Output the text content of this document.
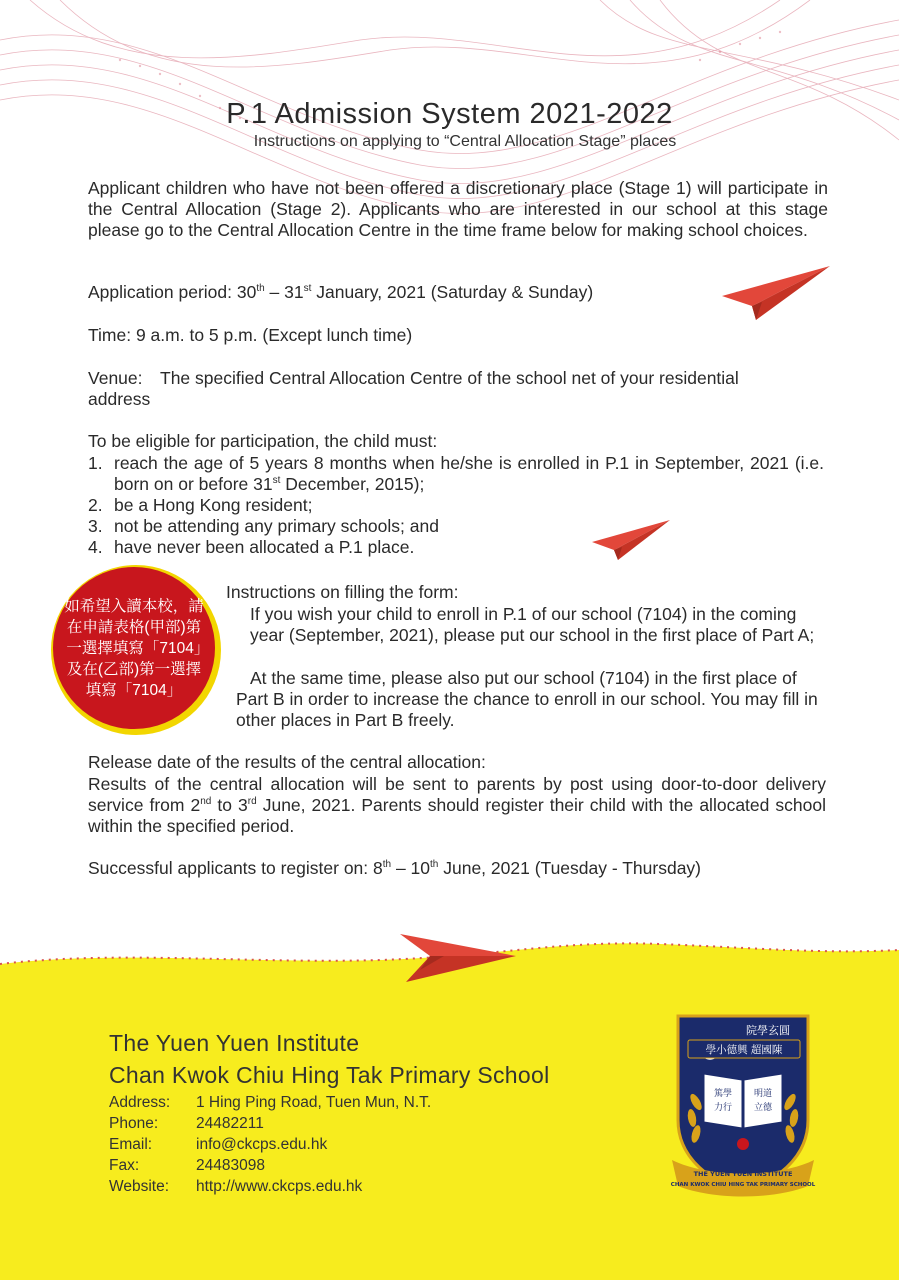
P.1 Admission System 2021-2022
Instructions on applying to “Central Allocation Stage” places
Applicant children who have not been offered a discretionary place (Stage 1) will participate in the Central Allocation (Stage 2). Applicants who are interested in our school at this stage please go to the Central Allocation Centre in the time frame below for making school choices.
Application period: 30th – 31st January, 2021 (Saturday & Sunday)
Time: 9 a.m. to 5 p.m. (Except lunch time)
Venue:	The specified Central Allocation Centre of the school net of your residential address
To be eligible for participation, the child must:
1. reach the age of 5 years 8 months when he/she is enrolled in P.1 in September, 2021 (i.e. born on or before 31st December, 2015);
2. be a Hong Kong resident;
3. not be attending any primary schools; and
4. have never been allocated a P.1 place.
如希望入讀本校，請在申請表格(甲部)第一選擇填寫「7104」及在(乙部)第一選擇填寫「7104」
Instructions on filling the form:
If you wish your child to enroll in P.1 of our school (7104) in the coming year (September, 2021), please put our school in the first place of Part A;
At the same time, please also put our school (7104) in the first place of Part B in order to increase the chance to enroll in our school. You may fill in other places in Part B freely.
Release date of the results of the central allocation:
Results of the central allocation will be sent to parents by post using door-to-door delivery service from 2nd to 3rd June, 2021. Parents should register their child with the allocated school within the specified period.
Successful applicants to register on: 8th – 10th June, 2021 (Tuesday - Thursday)
The Yuen Yuen Institute
Chan Kwok Chiu Hing Tak Primary School
Address: 1 Hing Ping Road, Tuen Mun, N.T.
Phone: 24482211
Email:	info@ckcps.edu.hk
Fax:	24483098
Website: http://www.ckcps.edu.hk
院學玄圓
學小德興 超國陳
篤學
力行
明道
立德
THE YUEN YUEN INSTITUTE
CHAN KWOK CHIU HING TAK PRIMARY SCHOOL
